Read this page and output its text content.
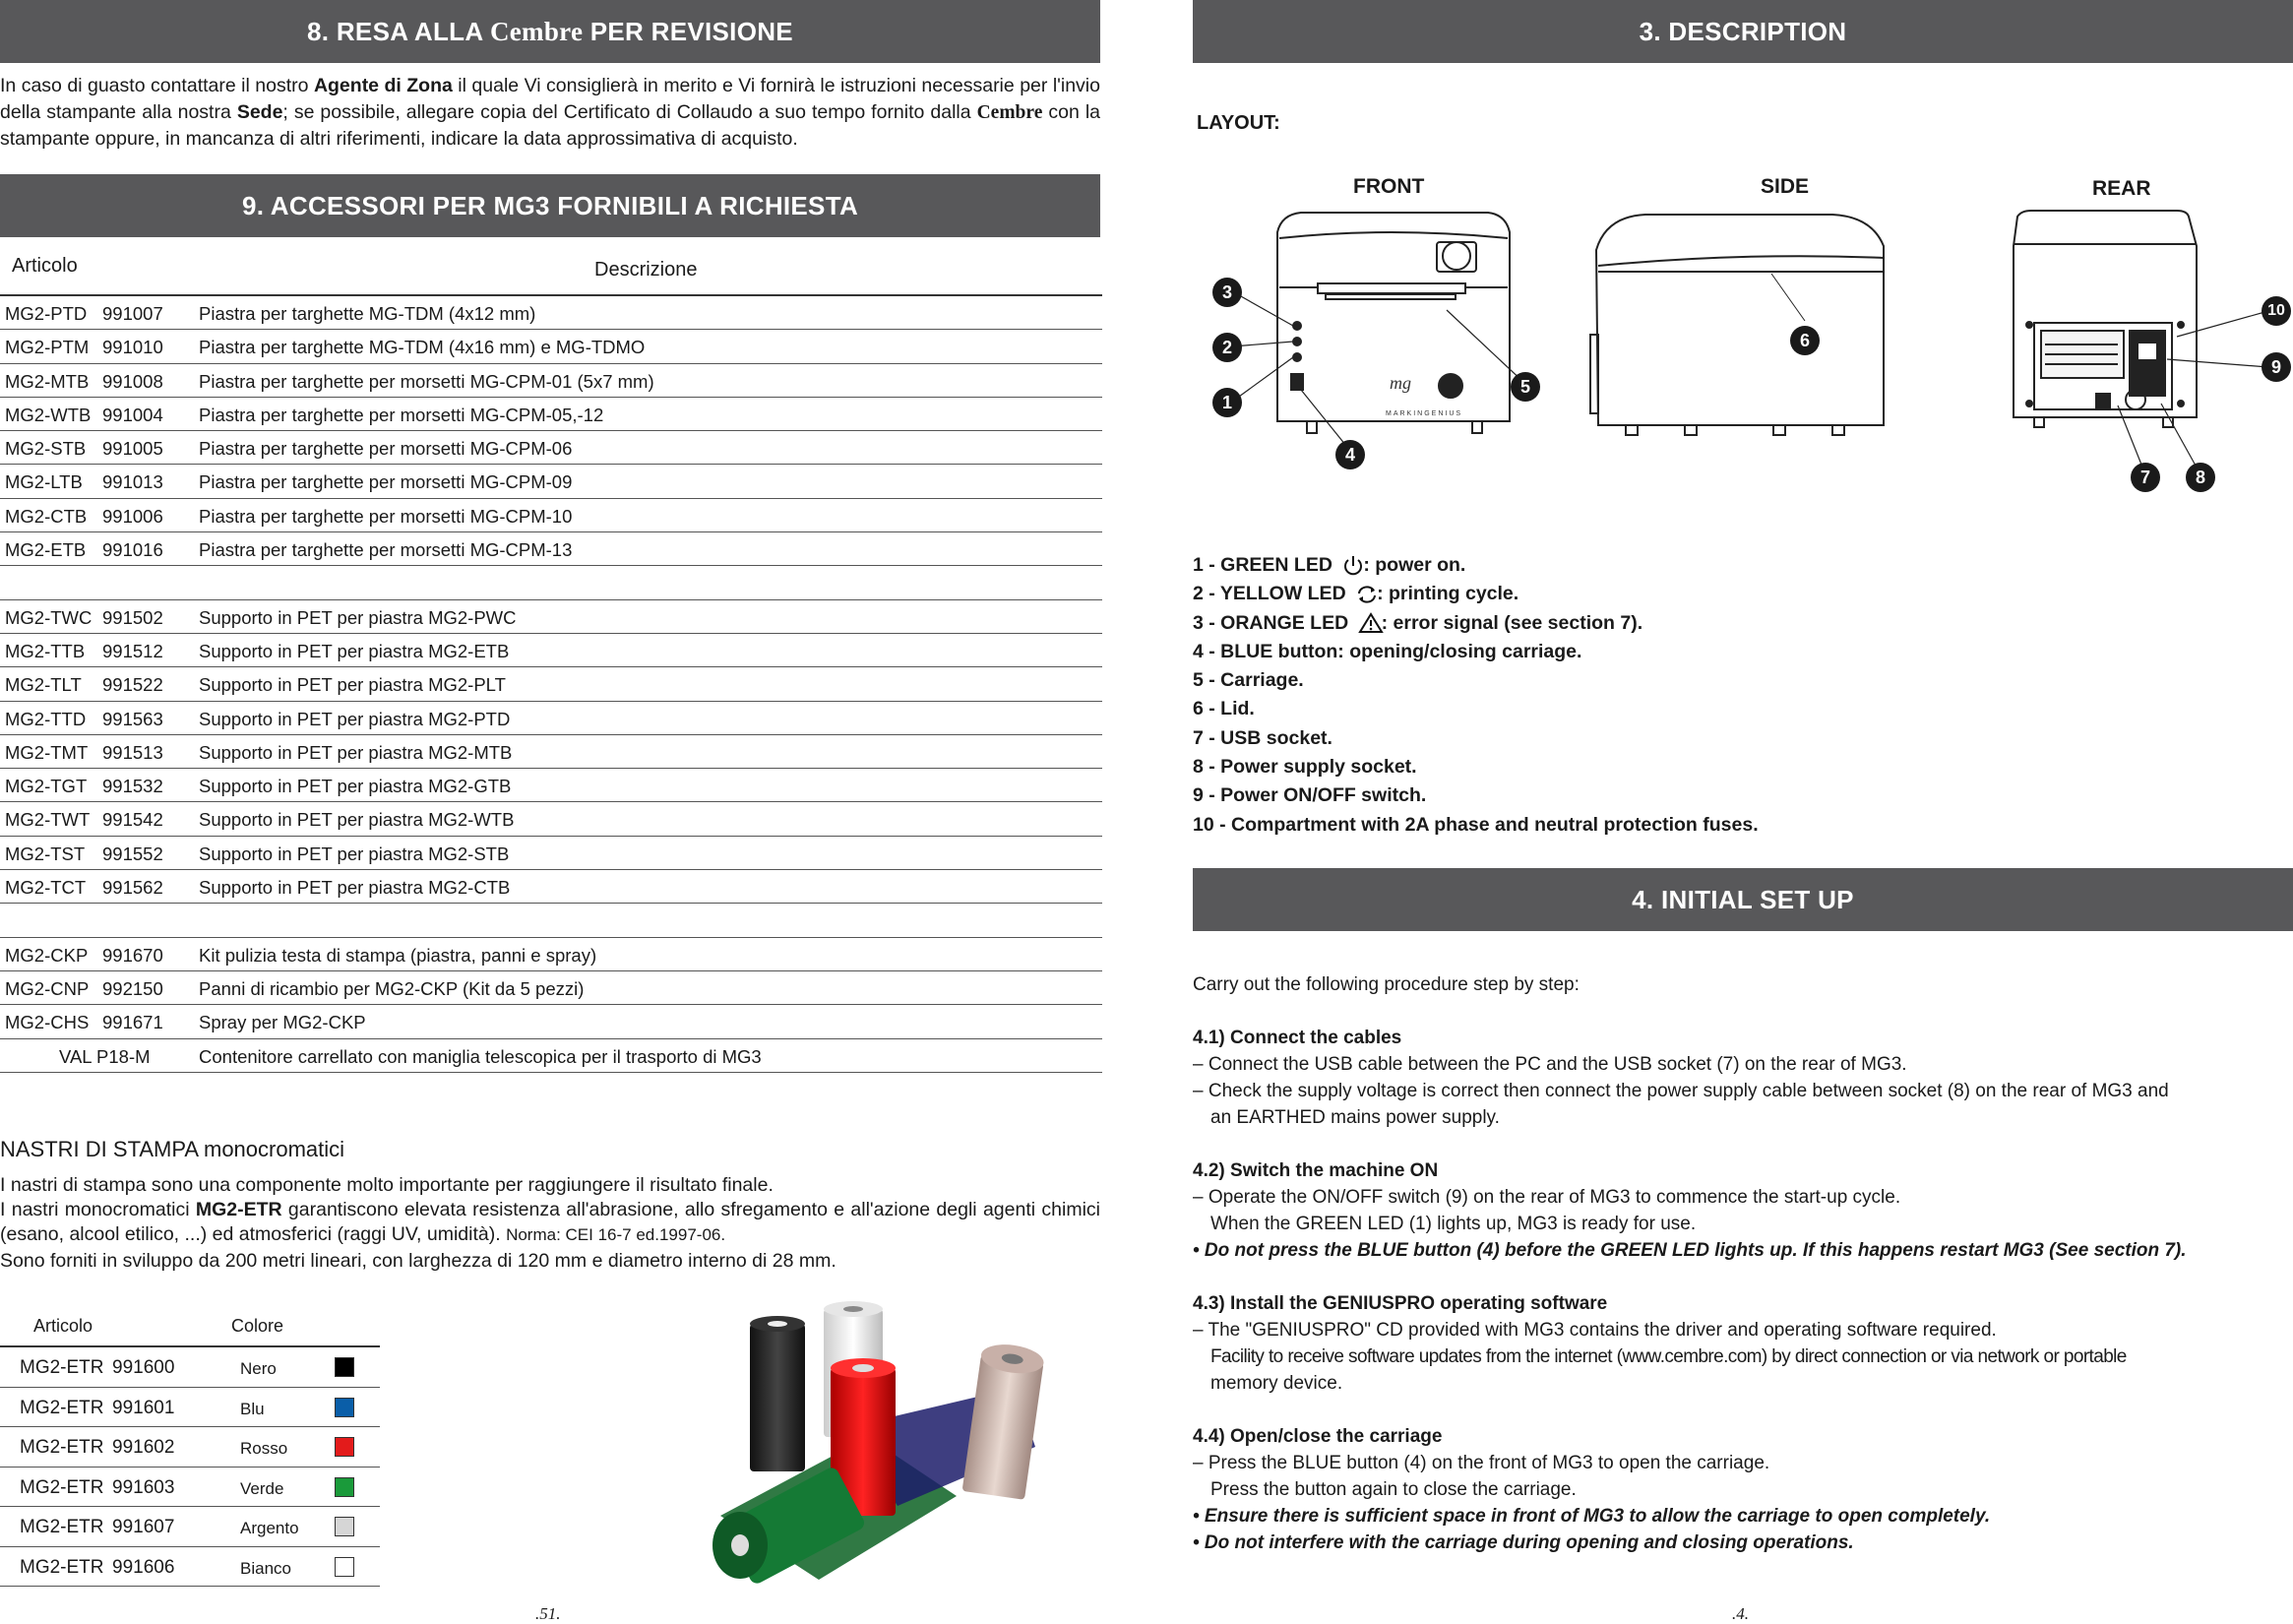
8. RESA ALLA Cembre PER REVISIONE

In caso di guasto contattare il nostro Agente di Zona il quale Vi consiglierà in merito e Vi fornirà le istruzioni necessarie per l'invio della stampante alla nostra Sede; se possibile, allegare copia del Certificato di Collaudo a suo tempo fornito dalla Cembre con la stampante oppure, in mancanza di altri riferimenti, indicare la data approssimativa di acquisto.

9. ACCESSORI PER MG3 FORNIBILI A RICHIESTA
Articolo	Descrizione
MG2-PTD 991007 Piastra per targhette MG-TDM (4x12 mm)
MG2-PTM 991010 Piastra per targhette MG-TDM (4x16 mm) e MG-TDMO
MG2-MTB 991008 Piastra per targhette per morsetti MG-CPM-01 (5x7 mm)
MG2-WTB 991004 Piastra per targhette per morsetti MG-CPM-05,-12
MG2-STB 991005 Piastra per targhette per morsetti MG-CPM-06
MG2-LTB 991013 Piastra per targhette per morsetti MG-CPM-09
MG2-CTB 991006 Piastra per targhette per morsetti MG-CPM-10
MG2-ETB 991016 Piastra per targhette per morsetti MG-CPM-13
MG2-TWC 991502 Supporto in PET per piastra MG2-PWC
MG2-TTB 991512 Supporto in PET per piastra MG2-ETB
MG2-TLT 991522 Supporto in PET per piastra MG2-PLT
MG2-TTD 991563 Supporto in PET per piastra MG2-PTD
MG2-TMT 991513 Supporto in PET per piastra MG2-MTB
MG2-TGT 991532 Supporto in PET per piastra MG2-GTB
MG2-TWT 991542 Supporto in PET per piastra MG2-WTB
MG2-TST 991552 Supporto in PET per piastra MG2-STB
MG2-TCT 991562 Supporto in PET per piastra MG2-CTB
MG2-CKP 991670 Kit pulizia testa di stampa (piastra, panni e spray)
MG2-CNP 992150 Panni di ricambio per MG2-CKP (Kit da 5 pezzi)
MG2-CHS 991671 Spray per MG2-CKP
VAL P18-M	Contenitore carrellato con maniglia telescopica per il trasporto di MG3
NASTRI DI STAMPA monocromatici
I nastri di stampa sono una componente molto importante per raggiungere il risultato finale.
I nastri monocromatici MG2-ETR garantiscono elevata resistenza all'abrasione, allo sfregamento e all'azione degli agenti chimici (esano, alcool etilico, ...) ed atmosferici (raggi UV, umidità). Norma: CEI 16-7 ed.1997-06.
Sono forniti in sviluppo da 200 metri lineari, con larghezza di 120 mm e diametro interno di 28 mm.
Articolo	Colore
MG2-ETR 991600	Nero
MG2-ETR 991601	Blu
MG2-ETR 991602	Rosso
MG2-ETR 991603	Verde
MG2-ETR 991607	Argento
MG2-ETR 991606	Bianco
.51.
3. DESCRIPTION
LAYOUT:
FRONT	SIDE	REAR
mg
MARKINGENIUS
3
2
1
4
5
6
7	8
9
10
1 - GREEN LED : power on.
2 - YELLOW LED : printing cycle.
3 - ORANGE LED : error signal (see section 7).
4 - BLUE button: opening/closing carriage.
5 - Carriage.
6 - Lid.
7 - USB socket.
8 - Power supply socket.
9 - Power ON/OFF switch.
10 - Compartment with 2A phase and neutral protection fuses.
4. INITIAL SET UP
Carry out the following procedure step by step:
4.1) Connect the cables
– Connect the USB cable between the PC and the USB socket (7) on the rear of MG3.
– Check the supply voltage is correct then connect the power supply cable between socket (8) on the rear of MG3 and
an EARTHED mains power supply.
4.2) Switch the machine ON
– Operate the ON/OFF switch (9) on the rear of MG3 to commence the start-up cycle.
When the GREEN LED (1) lights up, MG3 is ready for use.
• Do not press the BLUE button (4) before the GREEN LED lights up. If this happens restart MG3 (See section 7).
4.3) Install the GENIUSPRO operating software
– The "GENIUSPRO" CD provided with MG3 contains the driver and operating software required.
Facility to receive software updates from the internet (www.cembre.com) by direct connection or via network or portable
memory device.
4.4) Open/close the carriage
– Press the BLUE button (4) on the front of MG3 to open the carriage.
Press the button again to close the carriage.
• Ensure there is sufficient space in front of MG3 to allow the carriage to open completely.
• Do not interfere with the carriage during opening and closing operations.
.4.
